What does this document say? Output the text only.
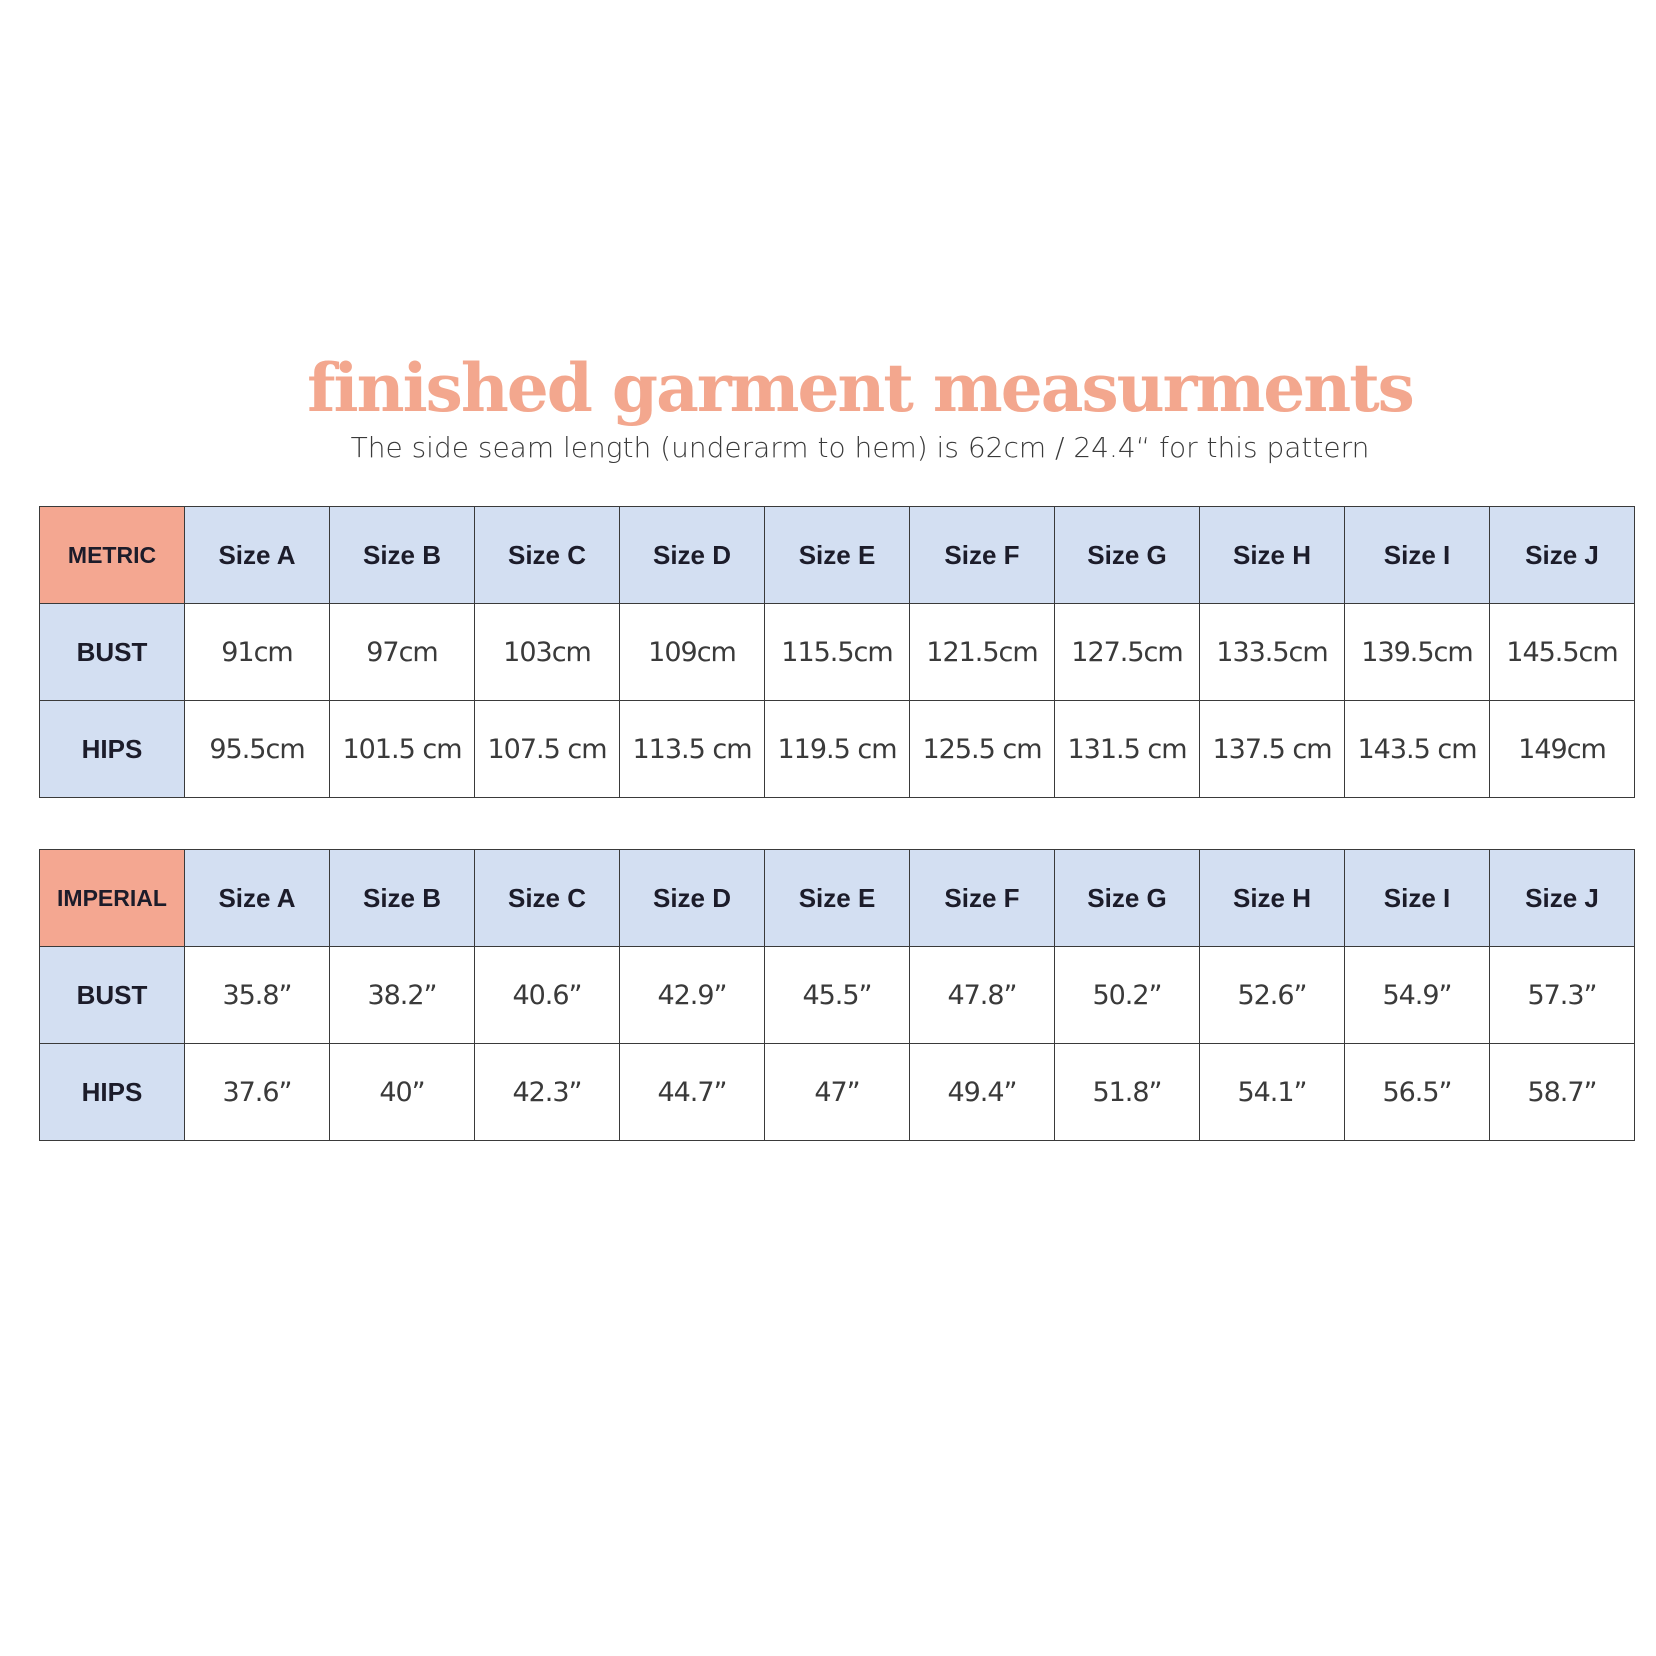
finished garment measurments
The side seam length (underarm to hem) is 62cm / 24.4“ for this pattern
METRIC	Size A	Size B	Size C	Size D	Size E	Size F	Size G	Size H	Size I	Size J
BUST	91cm	97cm	103cm	109cm	115.5cm	121.5cm	127.5cm	133.5cm	139.5cm	145.5cm
HIPS	95.5cm	101.5 cm	107.5 cm	113.5 cm	119.5 cm	125.5 cm	131.5 cm	137.5 cm	143.5 cm	149cm
IMPERIAL	Size A	Size B	Size C	Size D	Size E	Size F	Size G	Size H	Size I	Size J
BUST	35.8”	38.2”	40.6”	42.9”	45.5”	47.8”	50.2”	52.6”	54.9”	57.3”
HIPS	37.6”	40”	42.3”	44.7”	47”	49.4”	51.8”	54.1”	56.5”	58.7”
